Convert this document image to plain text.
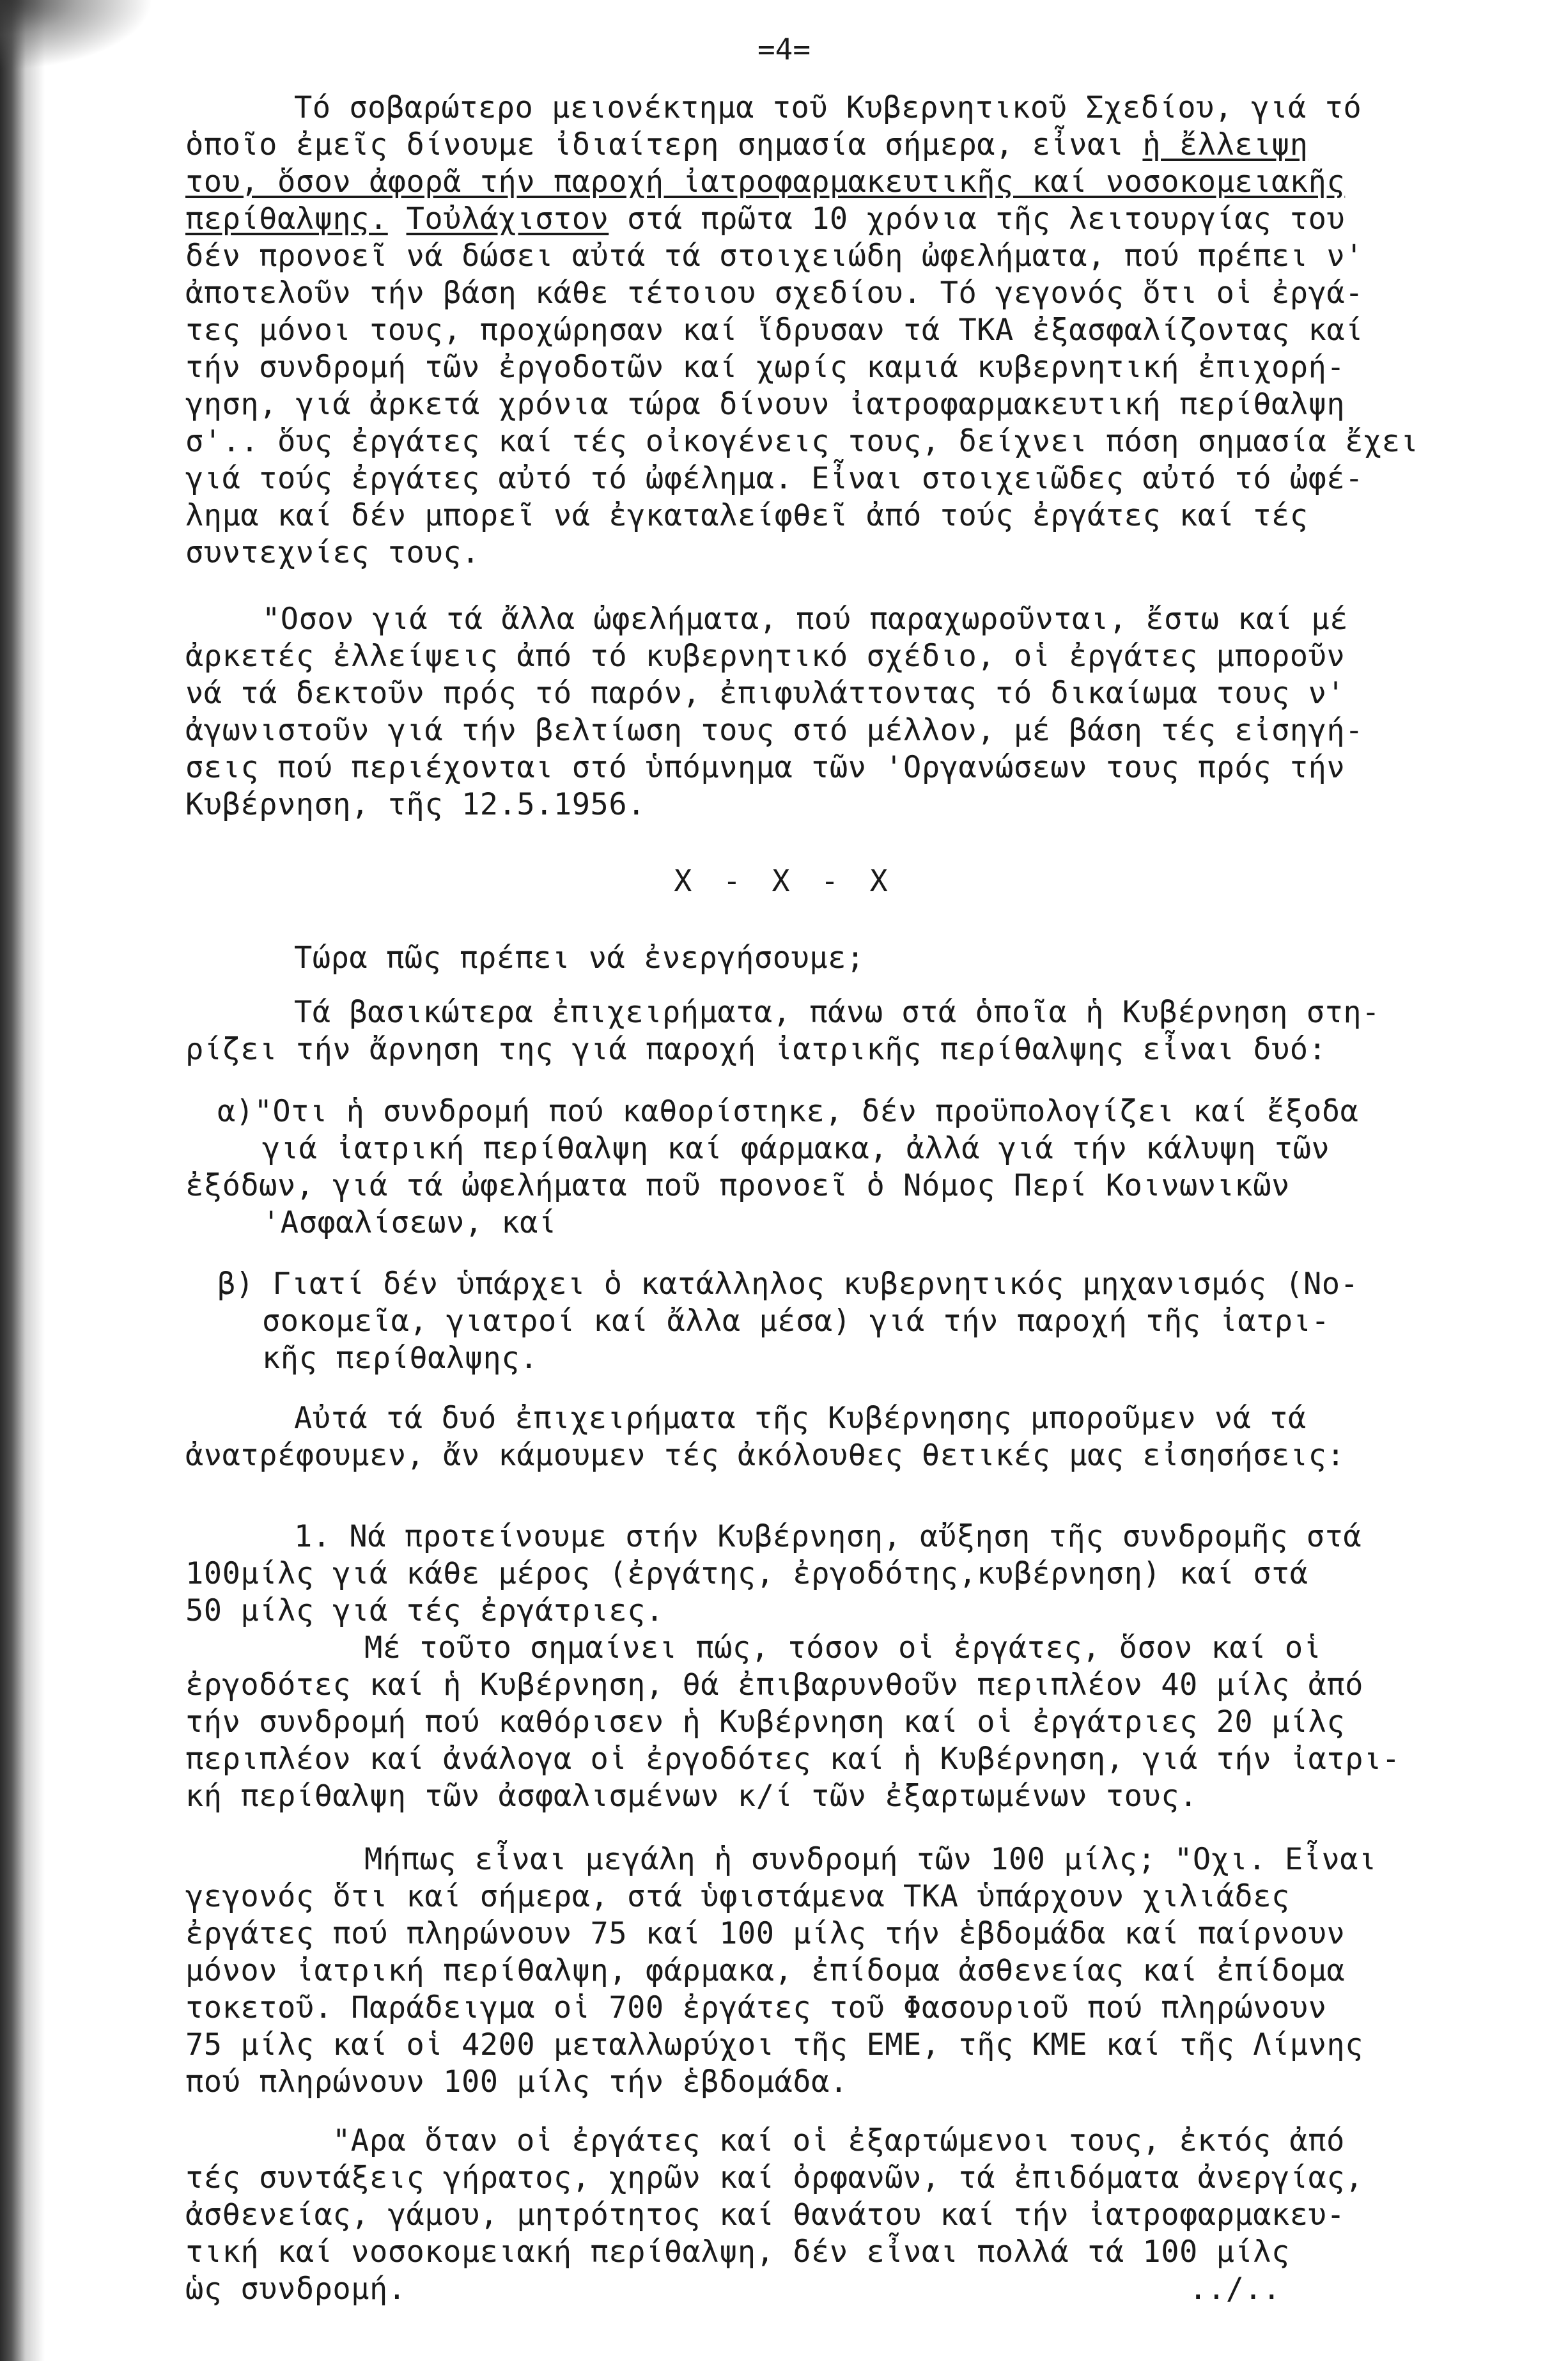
=4=
Τό σοβαρώτερο μειονέκτημα τοῦ Κυβερνητικοῦ Σχεδίου, γιά τό
ὁποῖο ἐμεῖς δίνουμε ἰδιαίτερη σημασία σήμερα, εἶναι ἡ ἔλλειψη
του, ὅσον ἀφορᾶ τήν παροχή ἰατροφαρμακευτικῆς καί νοσοκομειακῆς
περίθαλψης. Τοὐλάχιστον στά πρῶτα 10 χρόνια τῆς λειτουργίας του
δέν προνοεῖ νά δώσει αὐτά τά στοιχειώδη ὠφελήματα, πού πρέπει ν'
ἀποτελοῦν τήν βάση κάθε τέτοιου σχεδίου. Τό γεγονός ὅτι οἱ ἐργά-
τες μόνοι τους, προχώρησαν καί ἵδρυσαν τά ΤΚΑ ἐξασφαλίζοντας καί
τήν συνδρομή τῶν ἐργοδοτῶν καί χωρίς καμιά κυβερνητική ἐπιχορή-
γηση, γιά ἀρκετά χρόνια τώρα δίνουν ἰατροφαρμακευτική περίθαλψη
σ'.. ὅυς ἐργάτες καί τές οἰκογένεις τους, δείχνει πόση σημασία ἔχει
γιά τούς ἐργάτες αὐτό τό ὠφέλημα. Εἶναι στοιχειῶδες αὐτό τό ὠφέ-
λημα καί δέν μπορεῖ νά ἐγκαταλείφθεῖ ἀπό τούς ἐργάτες καί τές
συντεχνίες τους.
"Οσον γιά τά ἄλλα ὠφελήματα, πού παραχωροῦνται, ἔστω καί μέ
ἀρκετές ἐλλείψεις ἀπό τό κυβερνητικό σχέδιο, οἱ ἐργάτες μποροῦν
νά τά δεκτοῦν πρός τό παρόν, ἐπιφυλάττοντας τό δικαίωμα τους ν'
ἀγωνιστοῦν γιά τήν βελτίωση τους στό μέλλον, μέ βάση τές εἰσηγή-
σεις πού περιέχονται στό ὑπόμνημα τῶν 'Οργανώσεων τους πρός τήν
Κυβέρνηση, τῆς 12.5.1956.
X - X - X
Τώρα πῶς πρέπει νά ἐνεργήσουμε;
Τά βασικώτερα ἐπιχειρήματα, πάνω στά ὁποῖα ἡ Κυβέρνηση στη-
ρίζει τήν ἄρνηση της γιά παροχή ἰατρικῆς περίθαλψης εἶναι δυό:
α)"Οτι ἡ συνδρομή πού καθορίστηκε, δέν προϋπολογίζει καί ἔξοδα
γιά ἰατρική περίθαλψη καί φάρμακα, ἀλλά γιά τήν κάλυψη τῶν
ἐξόδων, γιά τά ὠφελήματα ποῦ προνοεῖ ὁ Νόμος Περί Κοινωνικῶν
'Ασφαλίσεων, καί
β) Γιατί δέν ὑπάρχει ὁ κατάλληλος κυβερνητικός μηχανισμός (Νο-
σοκομεῖα, γιατροί καί ἄλλα μέσα) γιά τήν παροχή τῆς ἰατρι-
κῆς περίθαλψης.
Αὐτά τά δυό ἐπιχειρήματα τῆς Κυβέρνησης μποροῦμεν νά τά
ἀνατρέφουμεν, ἄν κάμουμεν τές ἀκόλουθες θετικές μας εἰσησήσεις:
1. Νά προτείνουμε στήν Κυβέρνηση, αὔξηση τῆς συνδρομῆς στά
100μίλς γιά κάθε μέρος (ἐργάτης, ἐργοδότης,κυβέρνηση) καί στά
50 μίλς γιά τές ἐργάτριες.
Μέ τοῦτο σημαίνει πώς, τόσον οἱ ἐργάτες, ὅσον καί οἱ
ἐργοδότες καί ἡ Κυβέρνηση, θά ἐπιβαρυνθοῦν περιπλέον 40 μίλς ἀπό
τήν συνδρομή πού καθόρισεν ἡ Κυβέρνηση καί οἱ ἐργάτριες 20 μίλς
περιπλέον καί ἀνάλογα οἱ ἐργοδότες καί ἡ Κυβέρνηση, γιά τήν ἰατρι-
κή περίθαλψη τῶν ἀσφαλισμένων κ/ί τῶν ἐξαρτωμένων τους.
Μήπως εἶναι μεγάλη ἡ συνδρομή τῶν 100 μίλς; "Οχι. Εἶναι
γεγονός ὅτι καί σήμερα, στά ὑφιστάμενα ΤΚΑ ὑπάρχουν χιλιάδες
ἐργάτες πού πληρώνουν 75 καί 100 μίλς τήν ἑβδομάδα καί παίρνουν
μόνον ἰατρική περίθαλψη, φάρμακα, ἐπίδομα ἀσθενείας καί ἐπίδομα
τοκετοῦ. Παράδειγμα οἱ 700 ἐργάτες τοῦ Φασουριοῦ πού πληρώνουν
75 μίλς καί οἱ 4200 μεταλλωρύχοι τῆς ΕΜΕ, τῆς ΚΜΕ καί τῆς Λίμνης
πού πληρώνουν 100 μίλς τήν ἑβδομάδα.
"Αρα ὅταν οἱ ἐργάτες καί οἱ ἐξαρτώμενοι τους, ἐκτός ἀπό
τές συντάξεις γήρατος, χηρῶν καί ὀρφανῶν, τά ἐπιδόματα ἀνεργίας,
ἀσθενείας, γάμου, μητρότητος καί θανάτου καί τήν ἰατροφαρμακευ-
τική καί νοσοκομειακή περίθαλψη, δέν εἶναι πολλά τά 100 μίλς
ὡς συνδρομή.	../..
